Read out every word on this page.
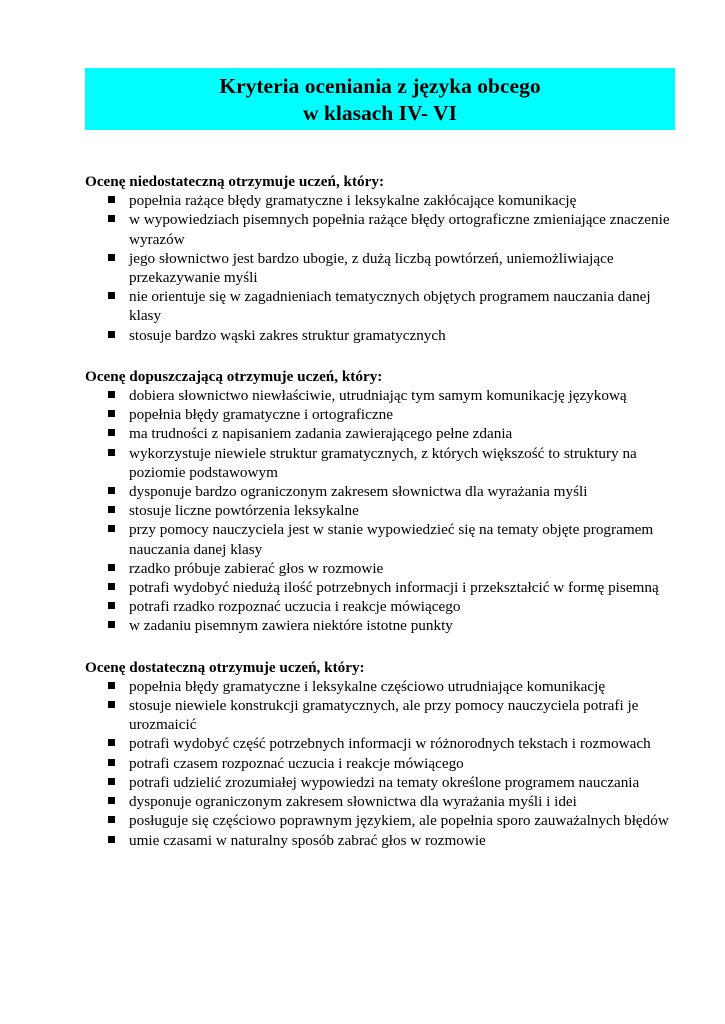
Kryteria oceniania z języka obcego
w klasach IV- VI

Ocenę niedostateczną otrzymuje uczeń, który:

popełnia rażące błędy gramatyczne i leksykalne zakłócające komunikację
w wypowiedziach pisemnych popełnia rażące błędy ortograficzne zmieniające znaczenie wyrazów
jego słownictwo jest bardzo ubogie, z dużą liczbą powtórzeń, uniemożliwiające przekazywanie myśli
nie orientuje się w zagadnieniach tematycznych objętych programem nauczania danej klasy
stosuje bardzo wąski zakres struktur gramatycznych

Ocenę dopuszczającą otrzymuje uczeń, który:

dobiera słownictwo niewłaściwie, utrudniając tym samym komunikację językową
popełnia błędy gramatyczne i ortograficzne
ma trudności z napisaniem zadania zawierającego pełne zdania
wykorzystuje niewiele struktur gramatycznych, z których większość to struktury na poziomie podstawowym
dysponuje bardzo ograniczonym zakresem słownictwa dla wyrażania myśli
stosuje liczne powtórzenia leksykalne
przy pomocy nauczyciela jest w stanie wypowiedzieć się na tematy objęte programem nauczania danej klasy
rzadko próbuje zabierać głos w rozmowie
potrafi wydobyć niedużą ilość potrzebnych informacji i przekształcić w formę pisemną
potrafi rzadko rozpoznać uczucia i reakcje mówiącego
w zadaniu pisemnym zawiera niektóre istotne punkty

Ocenę dostateczną otrzymuje uczeń, który:

popełnia błędy gramatyczne i leksykalne częściowo utrudniające komunikację
stosuje niewiele konstrukcji gramatycznych, ale przy pomocy nauczyciela potrafi je urozmaicić
potrafi wydobyć część potrzebnych informacji w różnorodnych tekstach i rozmowach
potrafi czasem rozpoznać uczucia i reakcje mówiącego
potrafi udzielić zrozumiałej wypowiedzi na tematy określone programem nauczania
dysponuje ograniczonym zakresem słownictwa dla wyrażania myśli i idei
posługuje się częściowo poprawnym językiem, ale popełnia sporo zauważalnych błędów
umie czasami w naturalny sposób zabrać głos w rozmowie
